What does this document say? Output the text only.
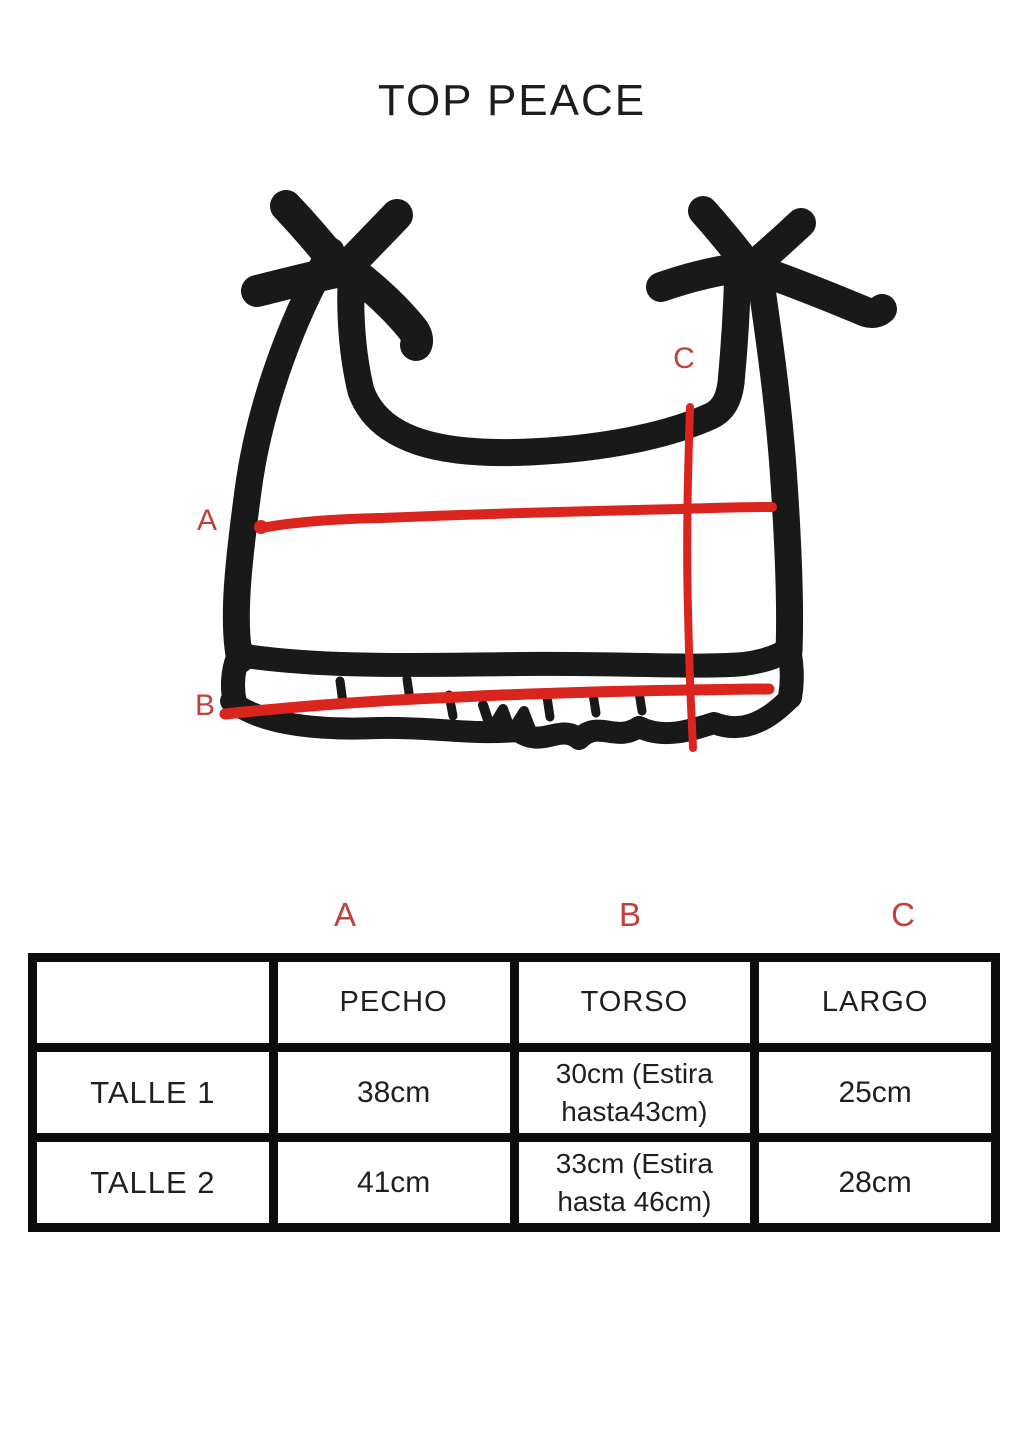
TOP PEACE
A
B
C
A	B	C
	PECHO	TORSO	LARGO
TALLE 1	38cm	30cm (Estira hasta43cm)	25cm
TALLE 2	41cm	33cm (Estira hasta 46cm)	28cm
